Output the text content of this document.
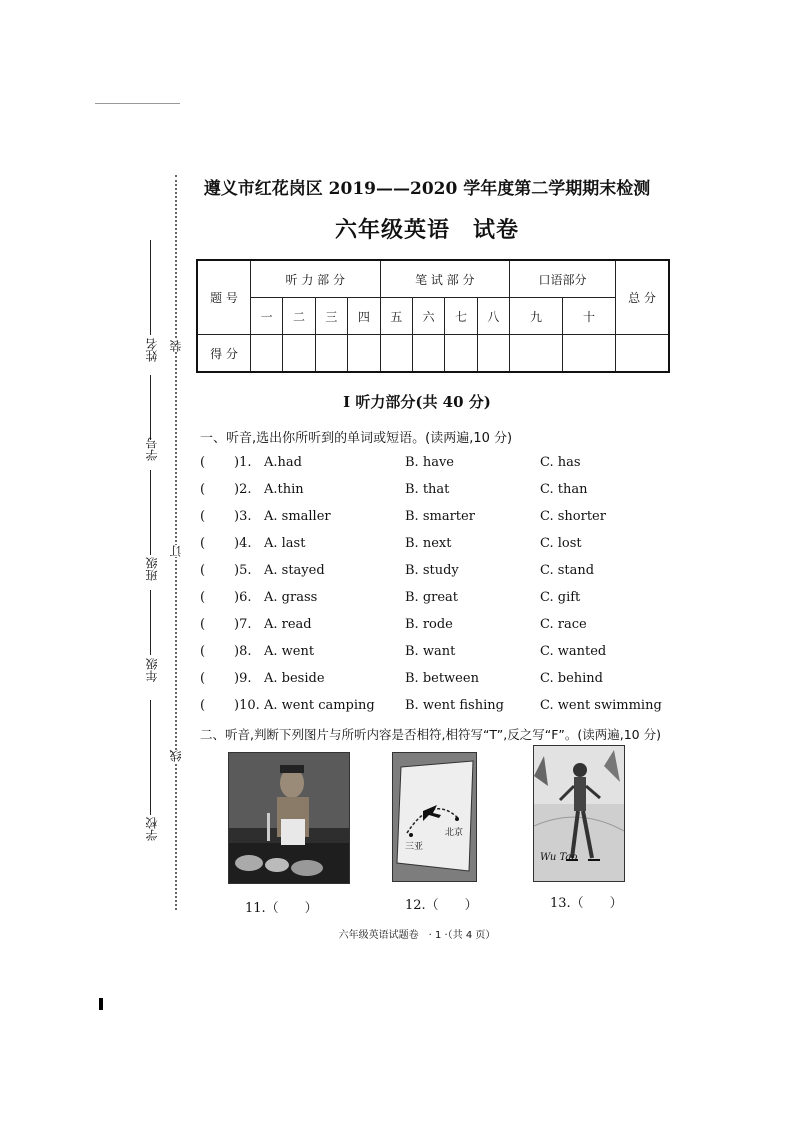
姓名
学号
班级
年级
学校
装
订
线
遵义市红花岗区 2019——2020 学年度第二学期期末检测
六年级英语　试卷
题 号	听 力 部 分				笔 试 部 分				口语部分		总 分
	一	二	三	四	五	六	七	八	九	十	
得 分											
I 听力部分(共 40 分)
一、听音,选出你所听到的单词或短语。(读两遍,10 分)
( )1. A.had	B. have	C. has
( )2. A.thin	B. that	C. than
( )3. A. smaller	B. smarter	C. shorter
( )4. A. last	B. next	C. lost
( )5. A. stayed	B. study	C. stand
( )6. A. grass	B. great	C. gift
( )7. A. read	B. rode	C. race
( )8. A. went	B. want	C. wanted
( )9. A. beside	B. between	C. behind
( )10. A. went camping B. went fishing	C. went swimming
二、听音,判断下列图片与所听内容是否相符,相符写“T”,反之写“F”。(读两遍,10 分)
11.（　　）
三亚
北京
12.（　　）
Wu Tao
13.（　　）
六年级英语试题卷　· 1 ·（共 4 页）
